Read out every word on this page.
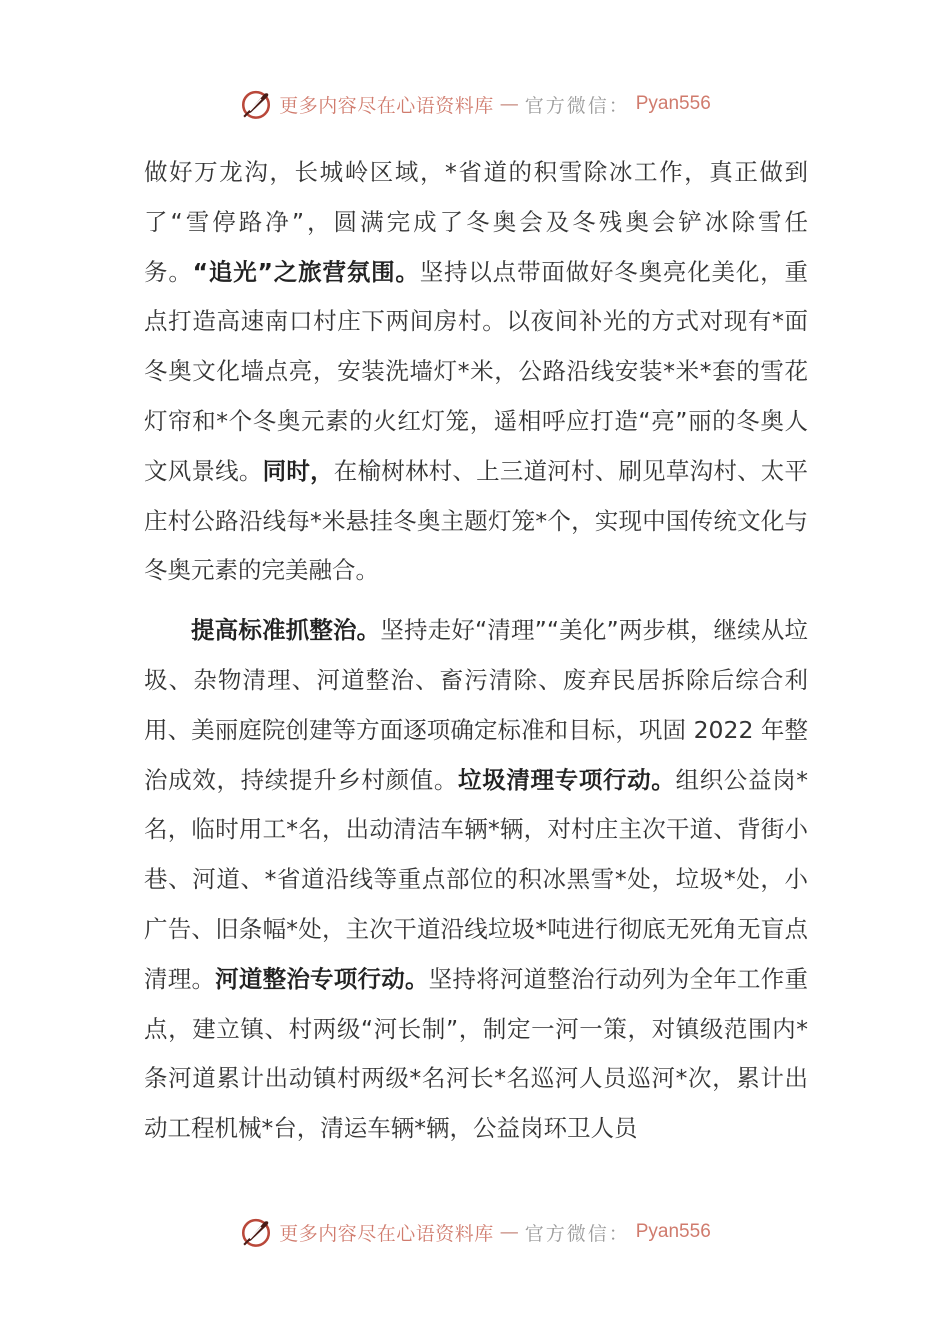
更多内容尽在心语资料库 — 官方微信： Pyan556

做好万龙沟，长城岭区域，*省道的积雪除冰工作，真正做到了“雪停路净”，圆满完成了冬奥会及冬残奥会铲冰除雪任务。“追光”之旅营氛围。坚持以点带面做好冬奥亮化美化，重点打造高速南口村庄下两间房村。以夜间补光的方式对现有*面冬奥文化墙点亮，安装洗墙灯*米，公路沿线安装*米*套的雪花灯帘和*个冬奥元素的火红灯笼，遥相呼应打造“亮”丽的冬奥人文风景线。同时，在榆树林村、上三道河村、刷见草沟村、太平庄村公路沿线每*米悬挂冬奥主题灯笼*个，实现中国传统文化与冬奥元素的完美融合。

提高标准抓整治。坚持走好“清理”“美化”两步棋，继续从垃圾、杂物清理、河道整治、畜污清除、废弃民居拆除后综合利用、美丽庭院创建等方面逐项确定标准和目标，巩固 2022 年整治成效，持续提升乡村颜值。垃圾清理专项行动。组织公益岗*名，临时用工*名，出动清洁车辆*辆，对村庄主次干道、背街小巷、河道、*省道沿线等重点部位的积冰黑雪*处，垃圾*处，小广告、旧条幅*处，主次干道沿线垃圾*吨进行彻底无死角无盲点清理。河道整治专项行动。坚持将河道整治行动列为全年工作重点，建立镇、村两级“河长制”，制定一河一策，对镇级范围内*条河道累计出动镇村两级*名河长*名巡河人员巡河*次，累计出动工程机械*台，清运车辆*辆，公益岗环卫人员

更多内容尽在心语资料库 — 官方微信： Pyan556
